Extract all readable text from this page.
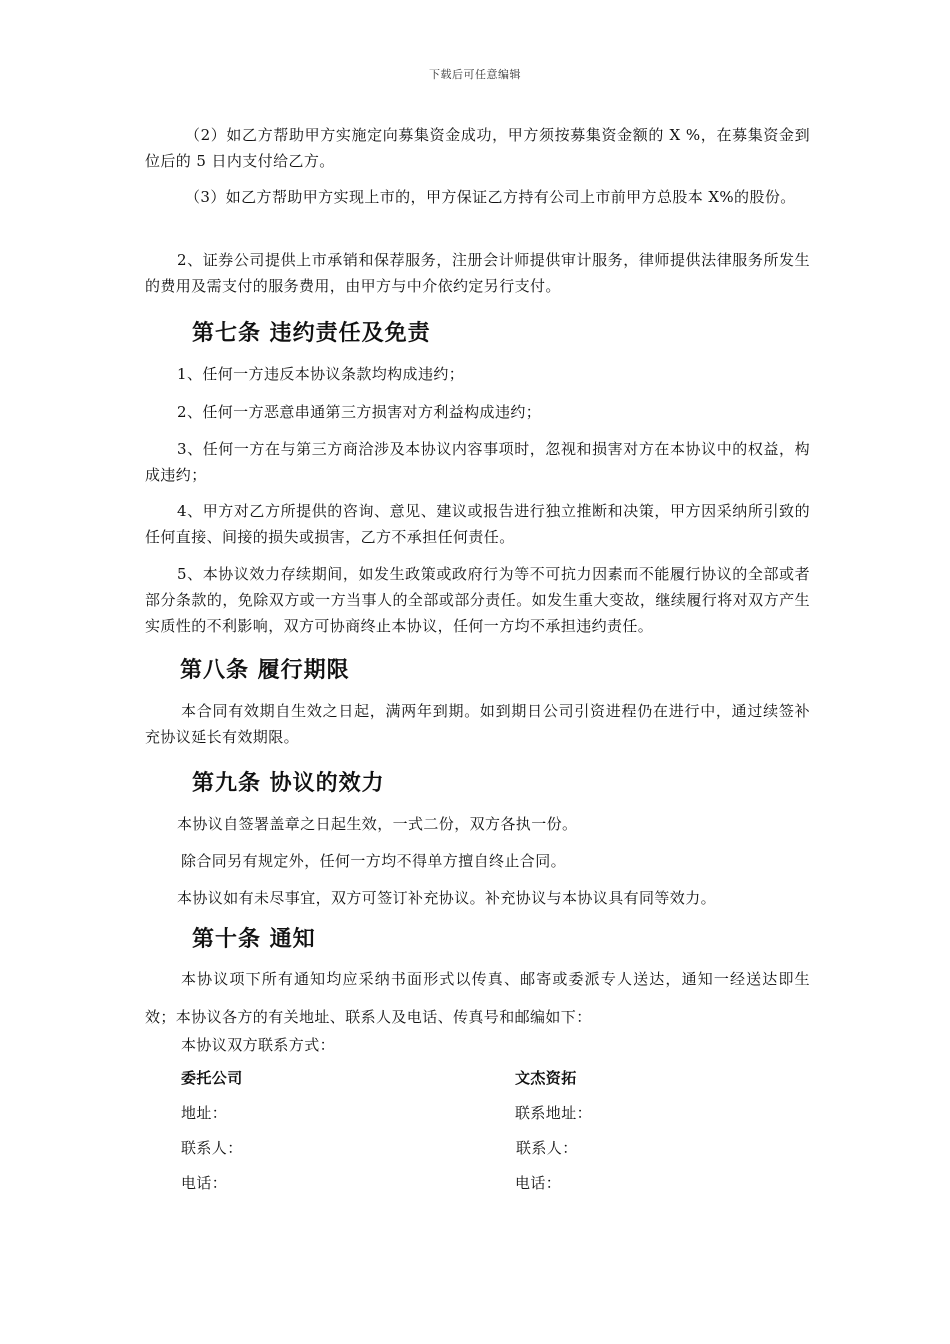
下载后可任意编辑
（2）如乙方帮助甲方实施定向募集资金成功，甲方须按募集资金额的 X %，在募集资金到位后的 5 日内支付给乙方。
（3）如乙方帮助甲方实现上市的，甲方保证乙方持有公司上市前甲方总股本 X%的股份。
2、证券公司提供上市承销和保荐服务，注册会计师提供审计服务，律师提供法律服务所发生的费用及需支付的服务费用，由甲方与中介依约定另行支付。
第七条 违约责任及免责
1、任何一方违反本协议条款均构成违约；
2、任何一方恶意串通第三方损害对方利益构成违约；
3、任何一方在与第三方商洽涉及本协议内容事项时，忽视和损害对方在本协议中的权益，构成违约；
4、甲方对乙方所提供的咨询、意见、建议或报告进行独立推断和决策，甲方因采纳所引致的任何直接、间接的损失或损害，乙方不承担任何责任。
5、本协议效力存续期间，如发生政策或政府行为等不可抗力因素而不能履行协议的全部或者部分条款的，免除双方或一方当事人的全部或部分责任。如发生重大变故，继续履行将对双方产生实质性的不利影响，双方可协商终止本协议，任何一方均不承担违约责任。
第八条 履行期限
本合同有效期自生效之日起，满两年到期。如到期日公司引资进程仍在进行中，通过续签补充协议延长有效期限。
第九条 协议的效力
本协议自签署盖章之日起生效，一式二份，双方各执一份。
除合同另有规定外，任何一方均不得单方擅自终止合同。
本协议如有未尽事宜，双方可签订补充协议。补充协议与本协议具有同等效力。
第十条 通知
本协议项下所有通知均应采纳书面形式以传真、邮寄或委派专人送达，通知一经送达即生效；本协议各方的有关地址、联系人及电话、传真号和邮编如下：
本协议双方联系方式：
委托公司
地址：
联系人：
电话：
文杰资拓
联系地址：
联系人：
电话：
